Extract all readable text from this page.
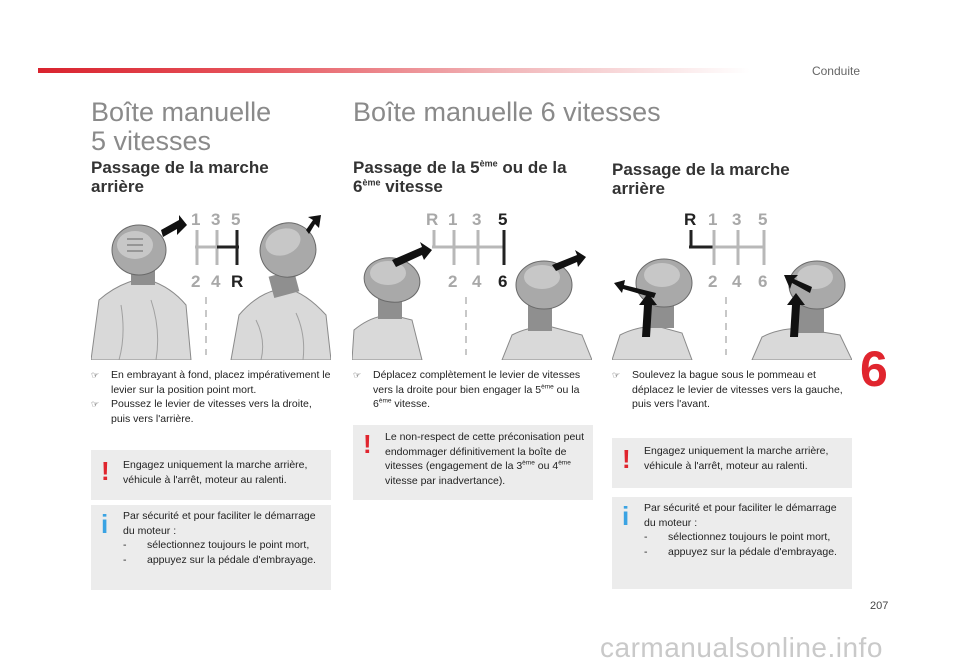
Conduite
Boîte manuelle
5 vitesses
Passage de la marche
arrière
1 3 5
2 4 R
☞	En embrayant à fond, placez impérativement le levier sur la position point mort.
☞	Poussez le levier de vitesses vers la droite, puis vers l'arrière.
! Engagez uniquement la marche arrière, véhicule à l'arrêt, moteur au ralenti.
i Par sécurité et pour faciliter le démarrage du moteur :
-	sélectionnez toujours le point mort,
-	appuyez sur la pédale d'embrayage.
Boîte manuelle 6 vitesses
Passage de la 5ème ou de la
6ème vitesse
R 1 3 5
2 4 6
☞	Déplacez complètement le levier de vitesses vers la droite pour bien engager la 5ème ou la 6ème vitesse.
! Le non-respect de cette préconisation peut endommager définitivement la boîte de vitesses (engagement de la 3ème ou 4ème vitesse par inadvertance).
Passage de la marche
arrière
R 1 3 5
2 4 6
☞	Soulevez la bague sous le pommeau et déplacez le levier de vitesses vers la gauche, puis vers l'avant.
! Engagez uniquement la marche arrière, véhicule à l'arrêt, moteur au ralenti.
i Par sécurité et pour faciliter le démarrage du moteur :
-	sélectionnez toujours le point mort,
-	appuyez sur la pédale d'embrayage.
6
207
carmanualsonline.info
